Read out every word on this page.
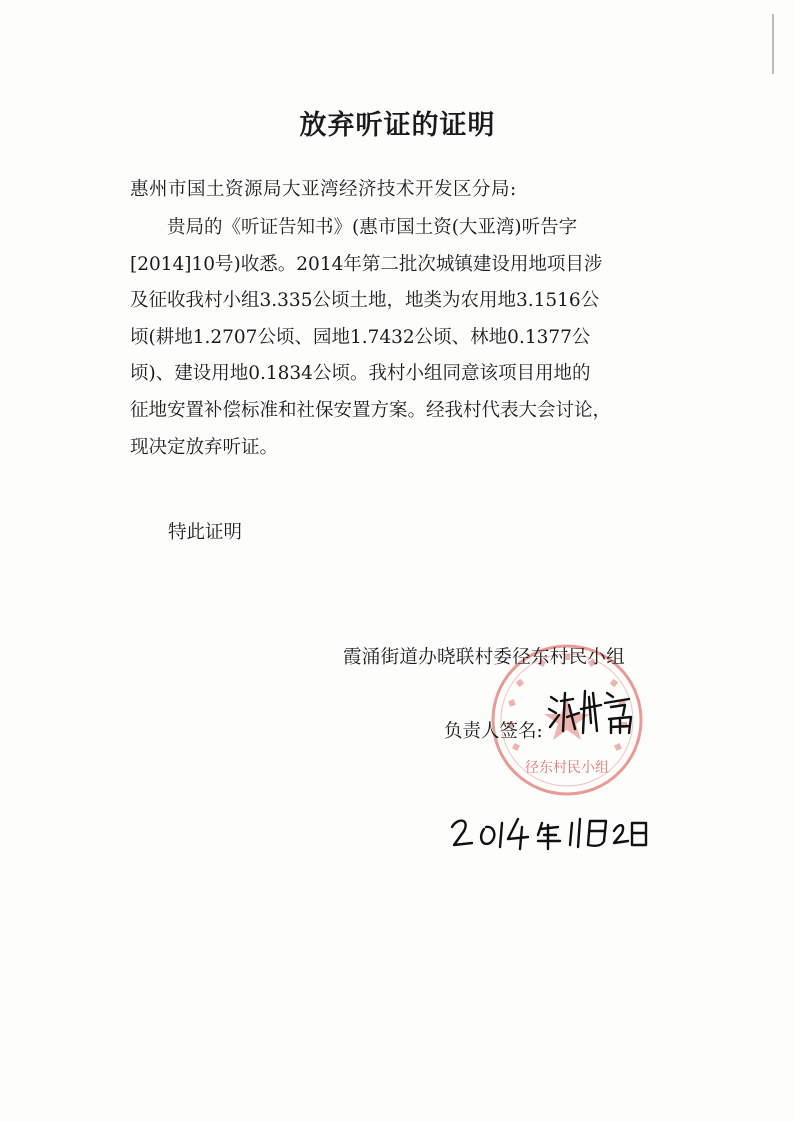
放弃听证的证明
惠州市国土资源局大亚湾经济技术开发区分局:
贵局的《听证告知书》(惠市国土资(大亚湾)听告字
[2014]10号)收悉。2014年第二批次城镇建设用地项目涉
及征收我村小组3.335公顷土地，地类为农用地3.1516公
顷(耕地1.2707公顷、园地1.7432公顷、林地0.1377公
顷)、建设用地0.1834公顷。我村小组同意该项目用地的
征地安置补偿标准和社保安置方案。经我村代表大会讨论，
现决定放弃听证。
特此证明
径东村民小组
霞涌街道办晓联村委径东村民小组
负责人签名:
